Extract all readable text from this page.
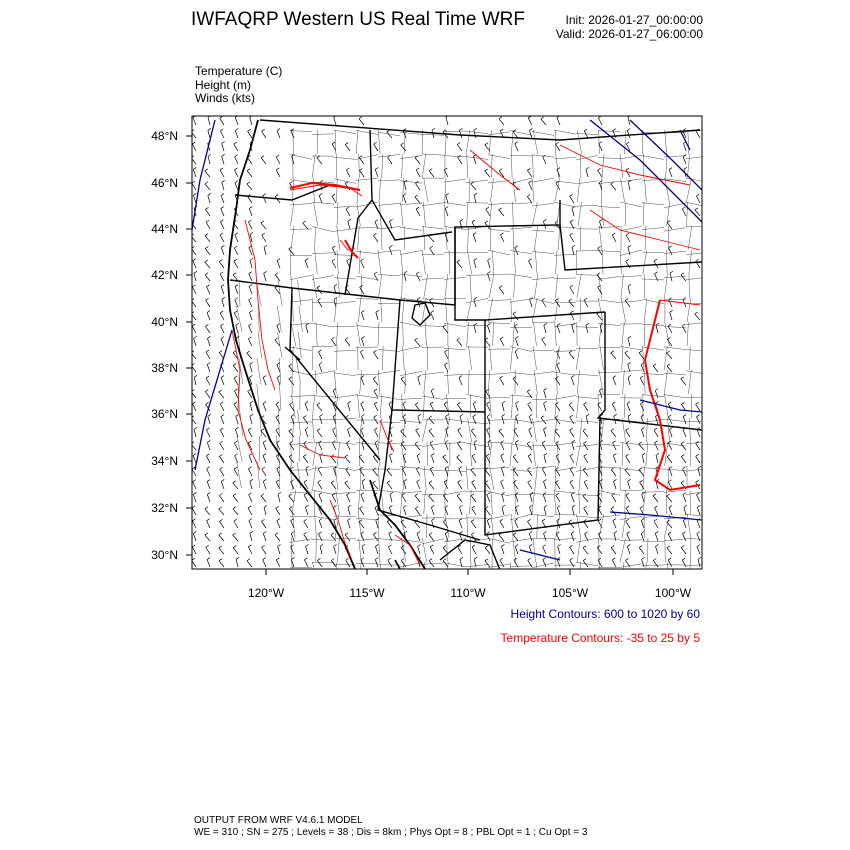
IWFAQRP Western US Real Time WRF	Init: 2026-01-27_00:00:00
Valid: 2026-01-27_06:00:00
Temperature (C)
Height (m)
Winds (kts)
48°N
46°N
44°N
42°N
40°N
38°N
36°N
34°N
32°N
30°N
120°W	115°W	110°W	105°W	100°W
Height Contours: 600 to 1020 by 60
Temperature Contours: -35 to 25 by 5
OUTPUT FROM WRF V4.6.1 MODEL
WE = 310 ; SN = 275 ; Levels = 38 ; Dis = 8km ; Phys Opt = 8 ; PBL Opt = 1 ; Cu Opt = 3
